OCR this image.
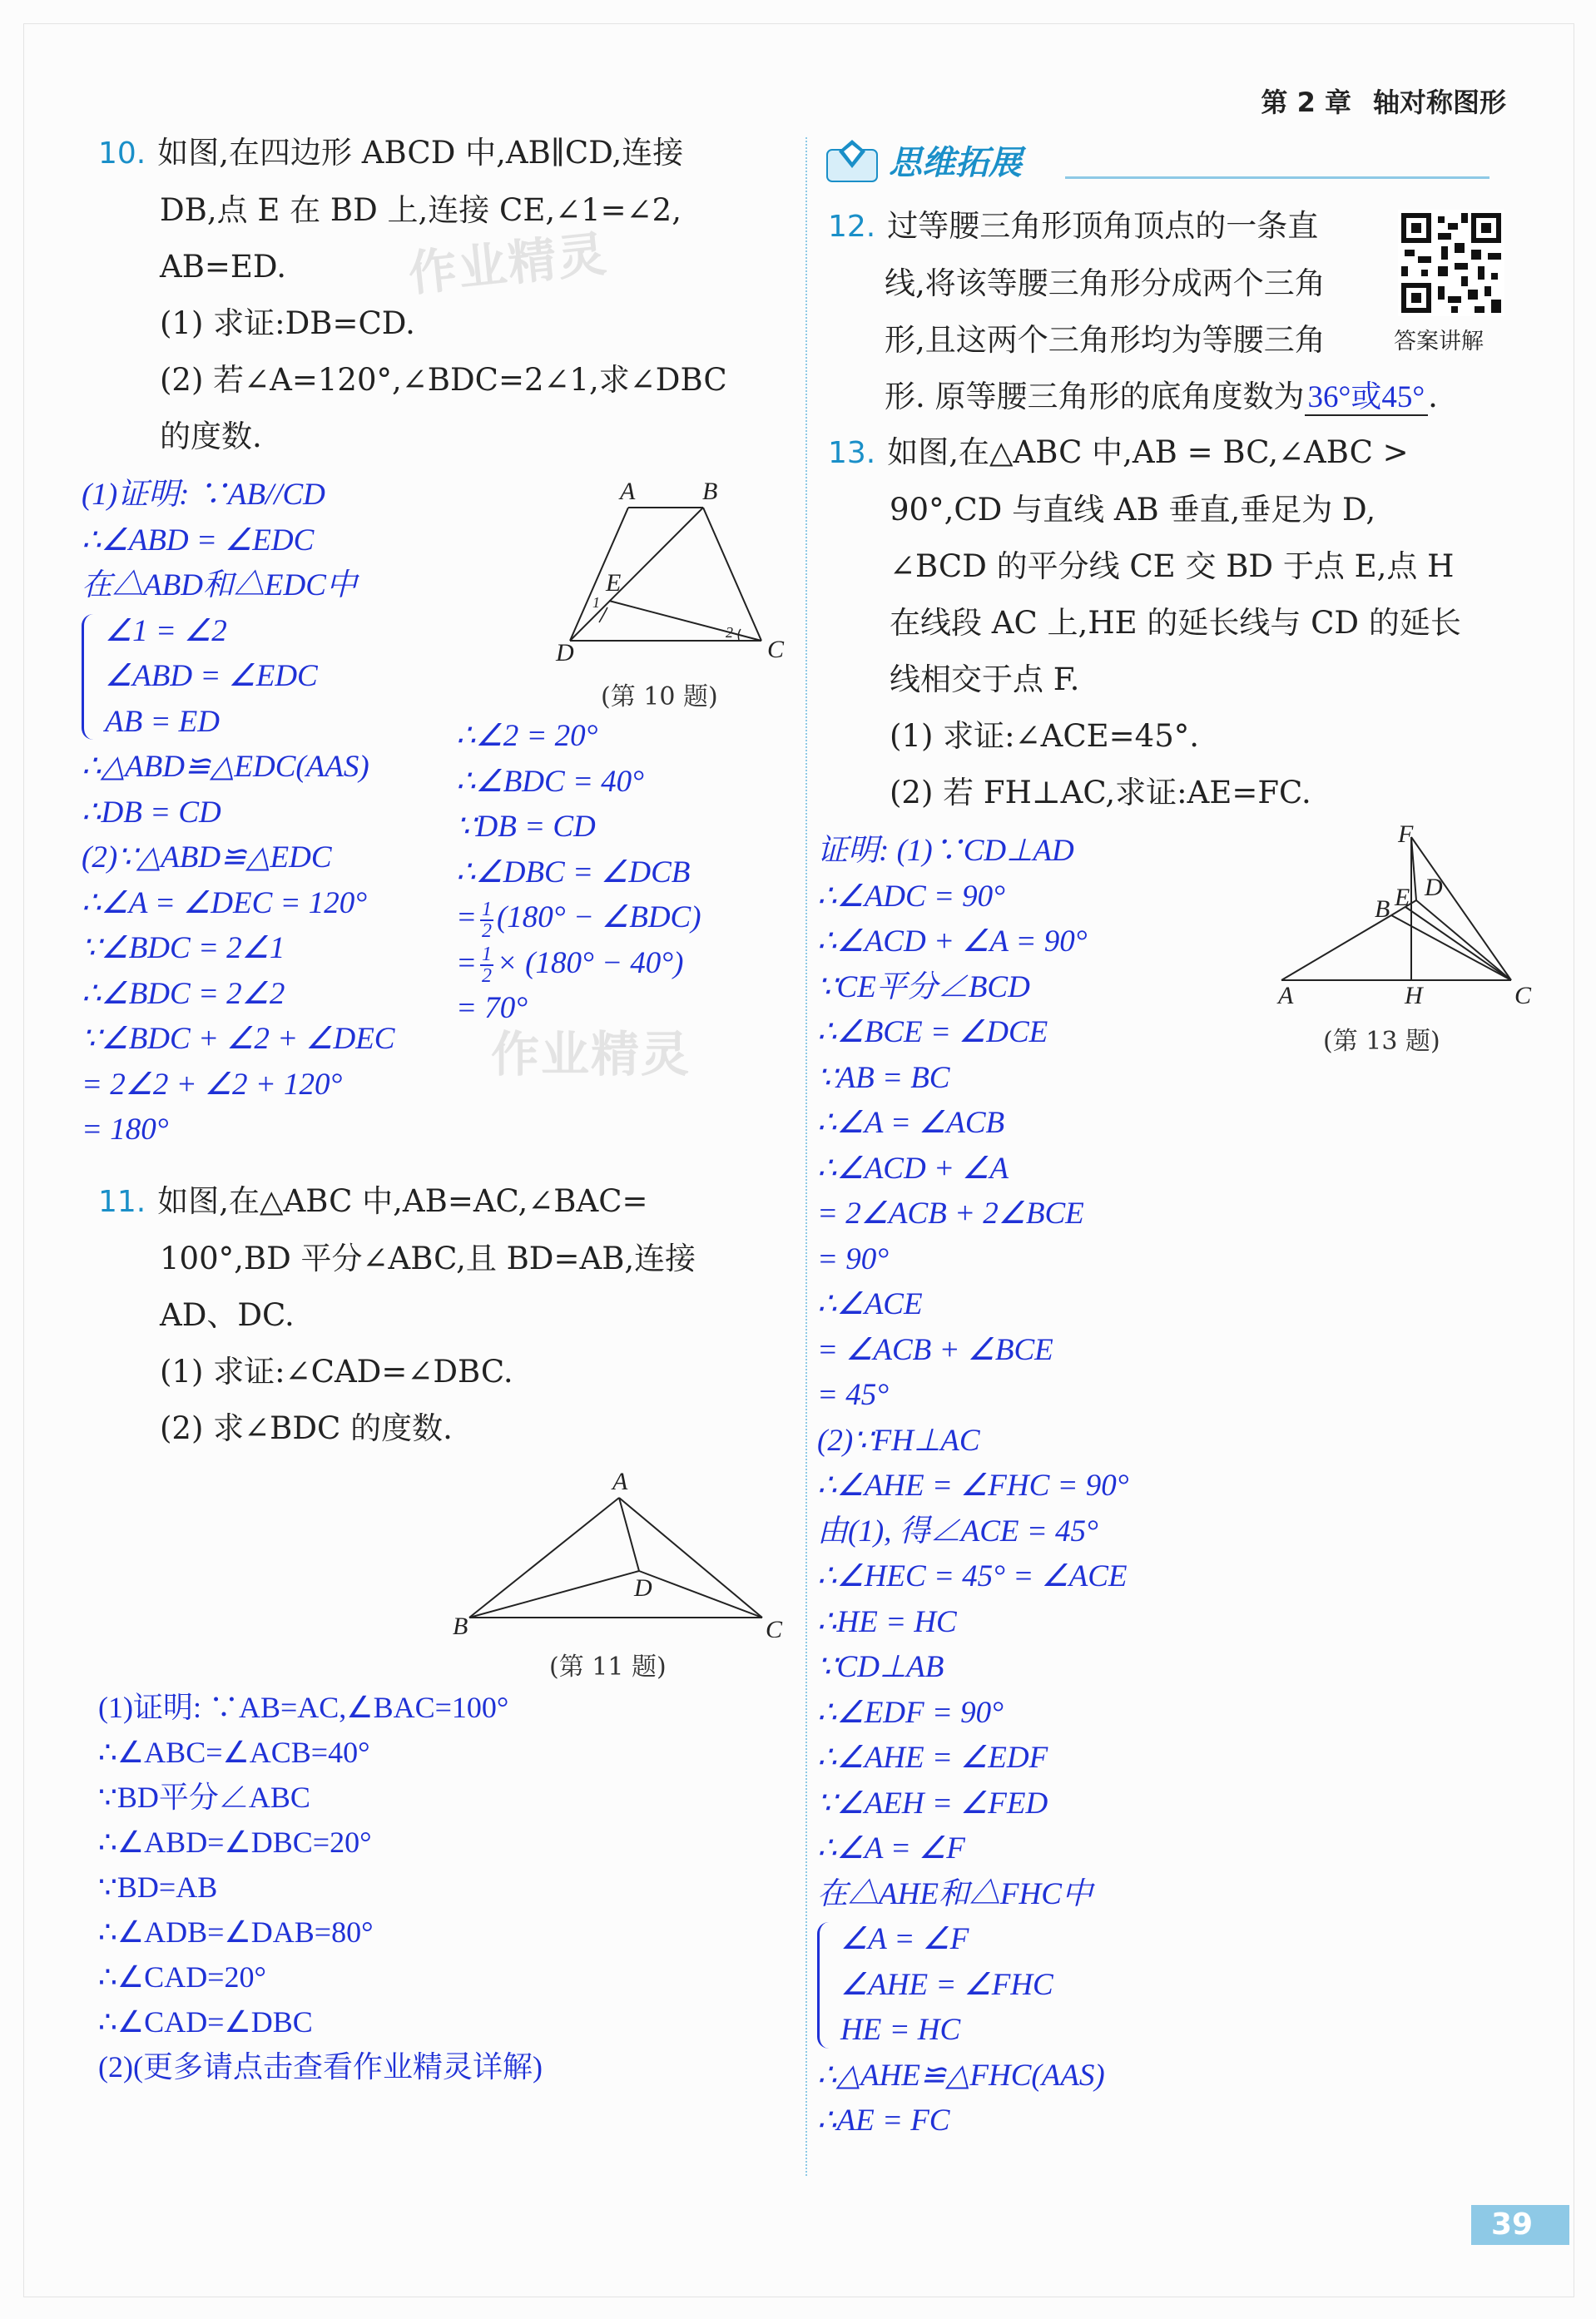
第 2 章 轴对称图形
10. 如图,在四边形 ABCD 中,AB∥CD,连接
DB,点 E 在 BD 上,连接 CE,∠1=∠2,
AB=ED.
(1) 求证:DB=CD.
(2) 若∠A=120°,∠BDC=2∠1,求∠DBC
的度数.
作业精灵
A	B
C
D
E
1
2
(第 10 题)
(1)证明: ∵AB//CD
∴∠ABD = ∠EDC
在△ABD和△EDC中
∠1 = ∠2
∠ABD = ∠EDC
AB = ED
∴△ABD≌△EDC(AAS)
∴DB = CD
(2)∵△ABD≌△EDC
∴∠A = ∠DEC = 120°
∵∠BDC = 2∠1
∴∠BDC = 2∠2
∵∠BDC + ∠2 + ∠DEC
= 2∠2 + ∠2 + 120°
= 180°
∴∠2 = 20°
∴∠BDC = 40°
∵DB = CD
∴∠DBC = ∠DCB
= $\frac{1}{2} (180^\circ$ − ∠BDC)
= $\frac{1}{2} \times (180^\circ - 40^\circ)$
= 70°
作业精灵
11. 如图,在△ABC 中,AB=AC,∠BAC=
100°,BD 平分∠ABC,且 BD=AB,连接
AD、DC.
(1) 求证:∠CAD=∠DBC.
(2) 求∠BDC 的度数.
A
B	C
D
(第 11 题)
(1)证明: ∵AB=AC,∠BAC=100°
∴∠ABC=∠ACB=40°
∵BD平分∠ABC
∴∠ABD=∠DBC=20°
∵BD=AB
∴∠ADB=∠DAB=80°
∴∠CAD=20°
∴∠CAD=∠DBC
(2)(更多请点击查看作业精灵详解)
思维拓展
答案讲解
12. 过等腰三角形顶角顶点的一条直
线,将该等腰三角形分成两个三角
形,且这两个三角形均为等腰三角
形. 原等腰三角形的底角度数为 36°或45° .
13. 如图,在△ABC 中,AB = BC,∠ABC >
90°,CD 与直线 AB 垂直,垂足为 D,
∠BCD 的平分线 CE 交 BD 于点 E,点 H
在线段 AC 上,HE 的延长线与 CD 的延长
线相交于点 F.
(1) 求证:∠ACE=45°.
(2) 若 FH⊥AC,求证:AE=FC.
F
D
E
B
A	H	C
(第 13 题)
证明: (1)∵CD⊥AD
∴∠ADC = 90°
∴∠ACD + ∠A = 90°
∵CE平分∠BCD
∴∠BCE = ∠DCE
∵AB = BC
∴∠A = ∠ACB
∴∠ACD + ∠A
= 2∠ACB + 2∠BCE
= 90°
∴∠ACE
= ∠ACB + ∠BCE
= 45°
(2)∵FH⊥AC
∴∠AHE = ∠FHC = 90°
由(1), 得∠ACE = 45°
∴∠HEC = 45° = ∠ACE
∴HE = HC
∵CD⊥AB
∴∠EDF = 90°
∴∠AHE = ∠EDF
∵∠AEH = ∠FED
∴∠A = ∠F
在△AHE和△FHC中
∠A = ∠F
∠AHE = ∠FHC
HE = HC
∴△AHE≌△FHC(AAS)
∴AE = FC
39
